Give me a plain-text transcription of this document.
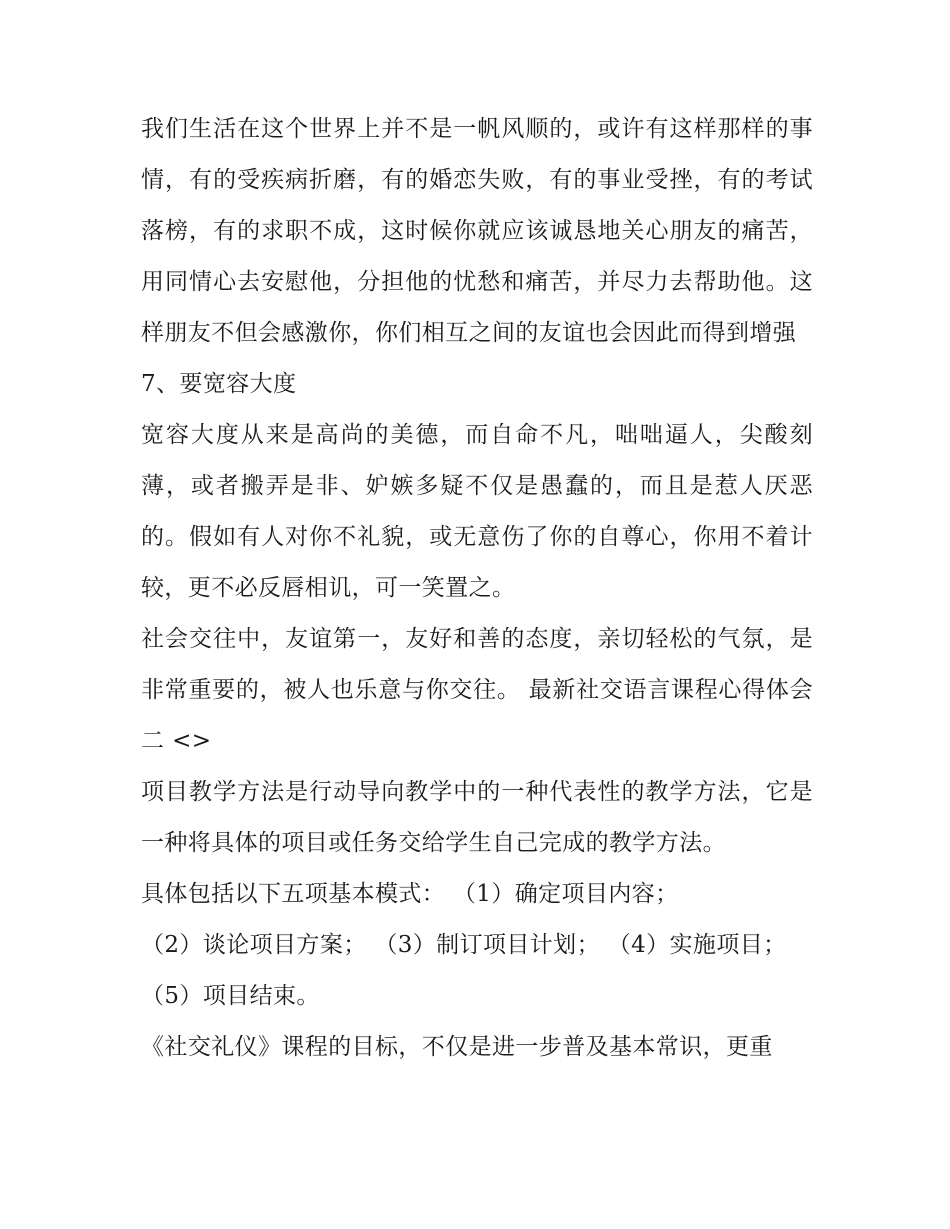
我们生活在这个世界上并不是一帆风顺的，或许有这样那样的事情，有的受疾病折磨，有的婚恋失败，有的事业受挫，有的考试落榜，有的求职不成，这时候你就应该诚恳地关心朋友的痛苦，用同情心去安慰他，分担他的忧愁和痛苦，并尽力去帮助他。这样朋友不但会感激你，你们相互之间的友谊也会因此而得到增强

7、要宽容大度

宽容大度从来是高尚的美德，而自命不凡，咄咄逼人，尖酸刻薄，或者搬弄是非、妒嫉多疑不仅是愚蠢的，而且是惹人厌恶的。假如有人对你不礼貌，或无意伤了你的自尊心，你用不着计较，更不必反唇相讥，可一笑置之。

社会交往中，友谊第一，友好和善的态度，亲切轻松的气氛，是非常重要的，被人也乐意与你交往。 最新社交语言课程心得体会二 <>

项目教学方法是行动导向教学中的一种代表性的教学方法，它是一种将具体的项目或任务交给学生自己完成的教学方法。

具体包括以下五项基本模式： （1）确定项目内容；

（2）谈论项目方案； （3）制订项目计划； （4）实施项目；

（5）项目结束。

《社交礼仪》课程的目标，不仅是进一步普及基本常识，更重
